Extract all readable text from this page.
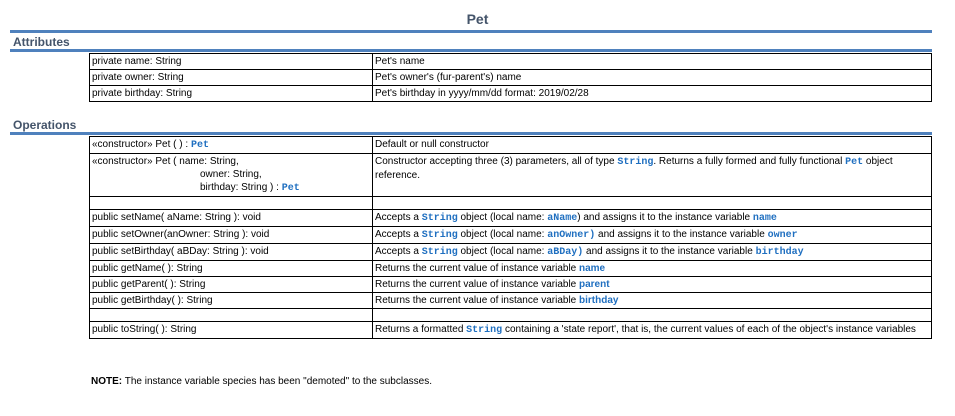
Pet
Attributes
private name: String	Pet's name
private owner: String	Pet's owner's (fur-parent's) name
private birthday: String	Pet's birthday in yyyy/mm/dd format: 2019/02/28
Operations
«constructor» Pet ( ) : Pet	Default or null constructor

«constructor» Pet ( name: String,
owner: String,
birthday: String ) : Pet	Constructor accepting three (3) parameters, all of type String. Returns a fully formed and fully functional Pet object reference.

public setName( aName: String ): void	Accepts a String object (local name: aName) and assigns it to the instance variable name
public setOwner(anOwner: String ): void	Accepts a String object (local name: anOwner) and assigns it to the instance variable owner
public setBirthday( aBDay: String ): void	Accepts a String object (local name: aBDay) and assigns it to the instance variable birthday
public getName( ): String	Returns the current value of instance variable name
public getParent( ): String	Returns the current value of instance variable parent
public getBirthday( ): String	Returns the current value of instance variable birthday

public toString( ): String	Returns a formatted String containing a 'state report', that is, the current values of each of the object's instance variables
NOTE: The instance variable species has been "demoted" to the subclasses.
